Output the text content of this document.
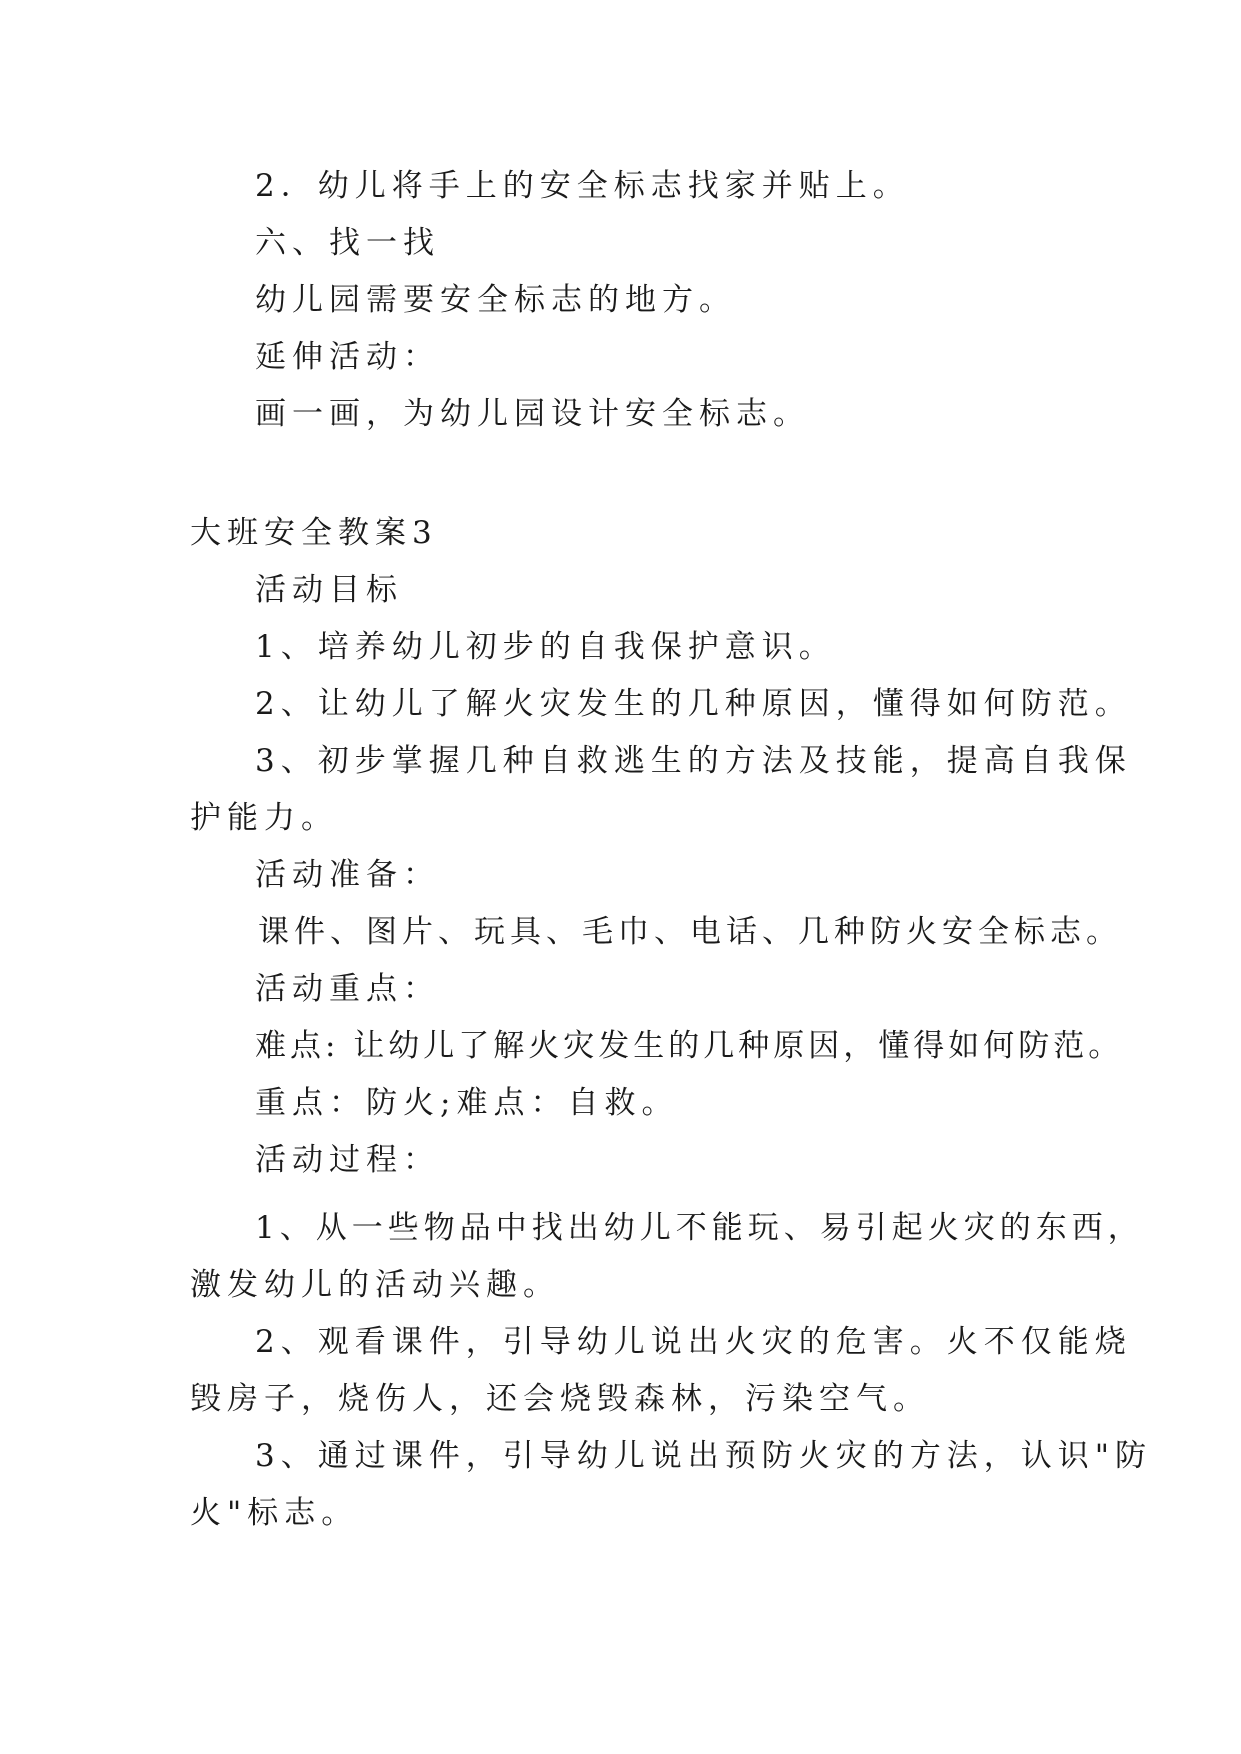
2．幼儿将手上的安全标志找家并贴上。
六、找一找
幼儿园需要安全标志的地方。
延伸活动：
画一画，为幼儿园设计安全标志。
大班安全教案3
活动目标
1、培养幼儿初步的自我保护意识。
2、让幼儿了解火灾发生的几种原因，懂得如何防范。
3、初步掌握几种自救逃生的方法及技能，提高自我保
护能力。
活动准备：
课件、图片、玩具、毛巾、电话、几种防火安全标志。
活动重点：
难点: 让幼儿了解火灾发生的几种原因，懂得如何防范。
重点：防火;难点：自救。
活动过程：
1、从一些物品中找出幼儿不能玩、易引起火灾的东西，
激发幼儿的活动兴趣。
2、观看课件，引导幼儿说出火灾的危害。火不仅能烧
毁房子，烧伤人，还会烧毁森林，污染空气。
3、通过课件，引导幼儿说出预防火灾的方法，认识"防
火"标志。
